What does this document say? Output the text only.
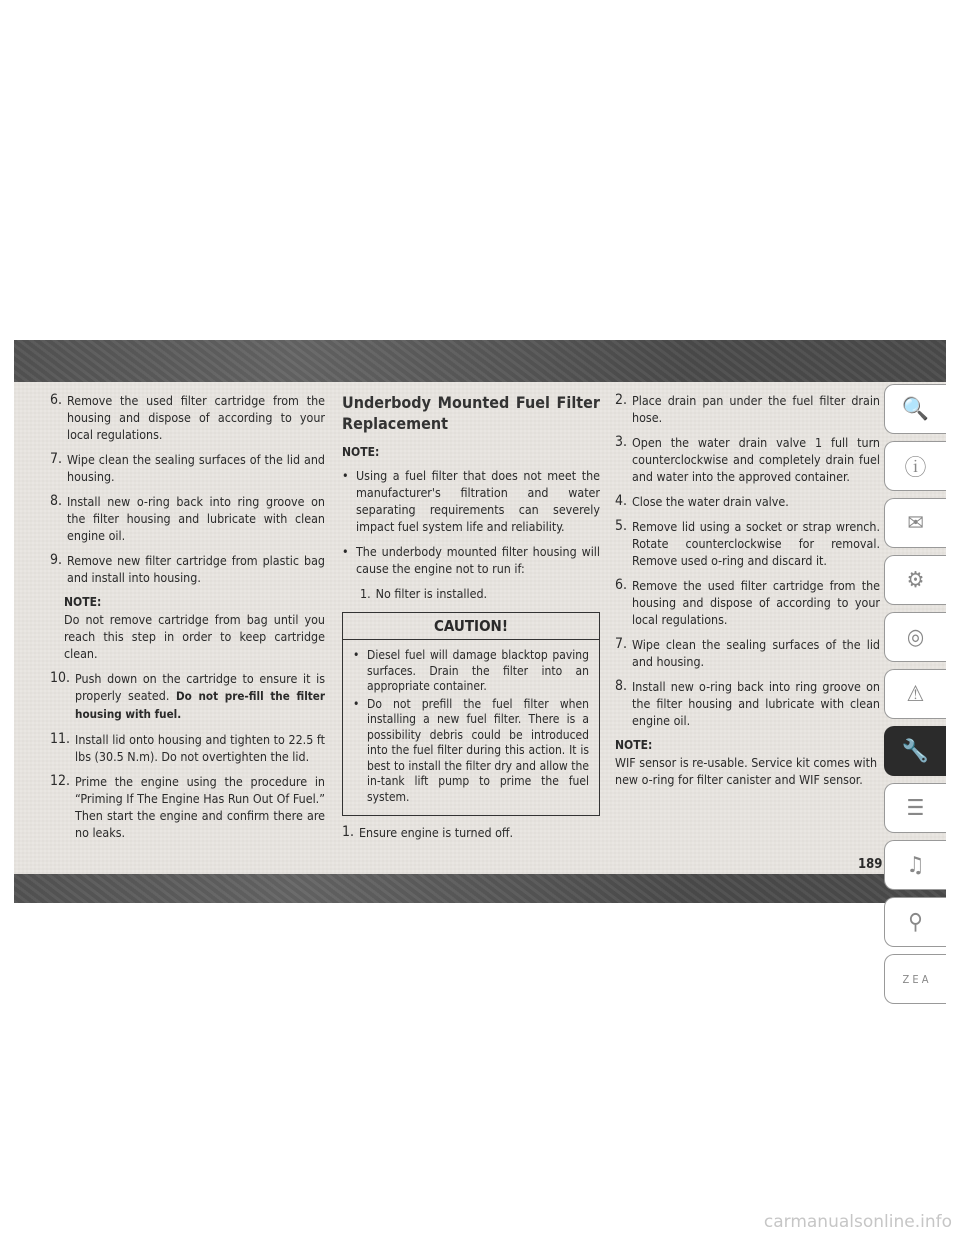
6. Remove the used filter cartridge from the housing and dispose of according to your local regulations.
7. Wipe clean the sealing surfaces of the lid and housing.
8. Install new o-ring back into ring groove on the filter housing and lubricate with clean engine oil.
9. Remove new filter cartridge from plastic bag and install into housing.
NOTE:
Do not remove cartridge from bag until you reach this step in order to keep cartridge clean.
10. Push down on the cartridge to ensure it is properly seated. Do not pre-fill the filter housing with fuel.
11. Install lid onto housing and tighten to 22.5 ft lbs (30.5 N.m). Do not overtighten the lid.
12. Prime the engine using the procedure in “Priming If The Engine Has Run Out Of Fuel.” Then start the engine and confirm there are no leaks.
Underbody Mounted Fuel Filter Replacement
NOTE:
• Using a fuel filter that does not meet the manufacturer's filtration and water separating requirements can severely impact fuel system life and reliability.
• The underbody mounted filter housing will cause the engine not to run if:
1. No filter is installed.
CAUTION!
• Diesel fuel will damage blacktop paving surfaces. Drain the filter into an appropriate container.
• Do not prefill the fuel filter when installing a new fuel filter. There is a possibility debris could be introduced into the fuel filter during this action. It is best to install the filter dry and allow the in-tank lift pump to prime the fuel system.
1. Ensure engine is turned off.
2. Place drain pan under the fuel filter drain hose.
3. Open the water drain valve 1 full turn counterclockwise and completely drain fuel and water into the approved container.
4. Close the water drain valve.
5. Remove lid using a socket or strap wrench. Rotate counterclockwise for removal. Remove used o-ring and discard it.
6. Remove the used filter cartridge from the housing and dispose of according to your local regulations.
7. Wipe clean the sealing surfaces of the lid and housing.
8. Install new o-ring back into ring groove on the filter housing and lubricate with clean engine oil.
NOTE:
WIF sensor is re-usable. Service kit comes with new o-ring for filter canister and WIF sensor.
🔍
ⓘ
✉
⚙
◎
⚠
🔧
☰
♫
⚲
Z E A
189
carmanualsonline.info
